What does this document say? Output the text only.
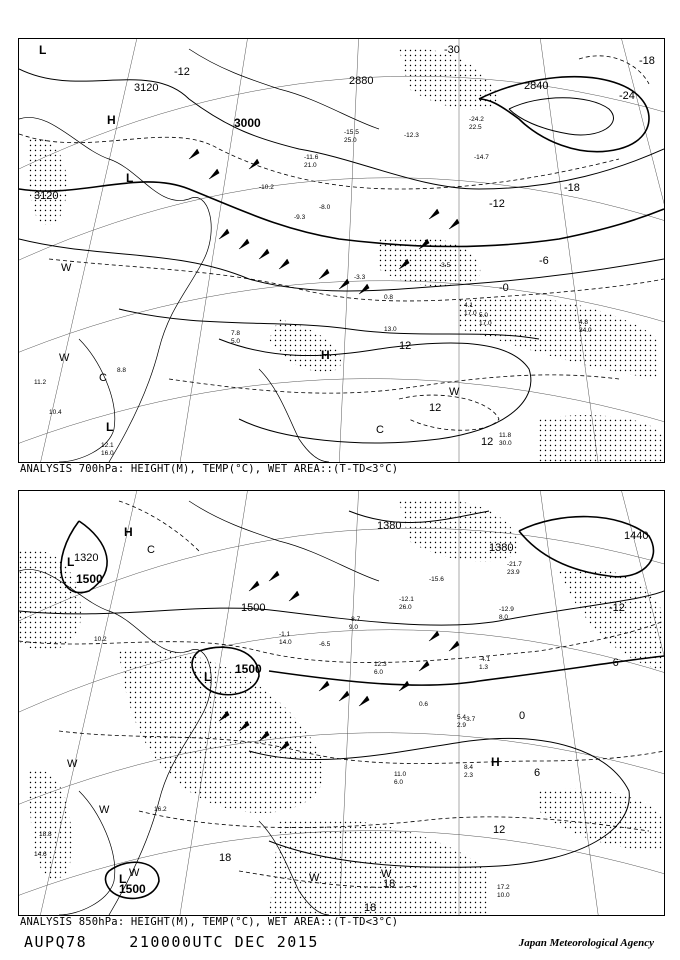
3120
3120
3000
2880	2840
-12
-12
-18
-18
-24
-30
-6
-0
12
12
12
H
L
W
W
C
H
W
C
L
L
-15.5
25.0
-12.3
-24.2
22.5
-14.7
4.1
17.0 5.0
17.0	4.8
34.0
-8.0
0.8
13.0
7.8
5.0
8.8
11.2
10.4
12.1
16.0
11.8
30.0
-3.5
-11.6
21.0
-10.2
-9.3
-3.3
ANALYSIS 700hPa: HEIGHT(M), TEMP(°C), WET AREA::(T-TD<3°C)
1500
1500
1500
1500
1440
1380
1380
1320
-12
-6
0
6
12
18
18
18
H
L
L
C
W	H
W
W
L W	W
-12.9
8.0
-3.7
11.0
6.0
8.4
2.3
17.2
10.0
-21.7
23.9
-15.6
-12.1
26.0
-8.7
9.0
-6.5
-1.1
14.0
12.3
6.0
18.8
14.6
10.2
5.4
2.9
0.6
-4.1
1.3
16.2
ANALYSIS 850hPa: HEIGHT(M), TEMP(°C), WET AREA::(T-TD<3°C)
AUPQ78    210000UTC DEC 2015	Japan Meteorological Agency
